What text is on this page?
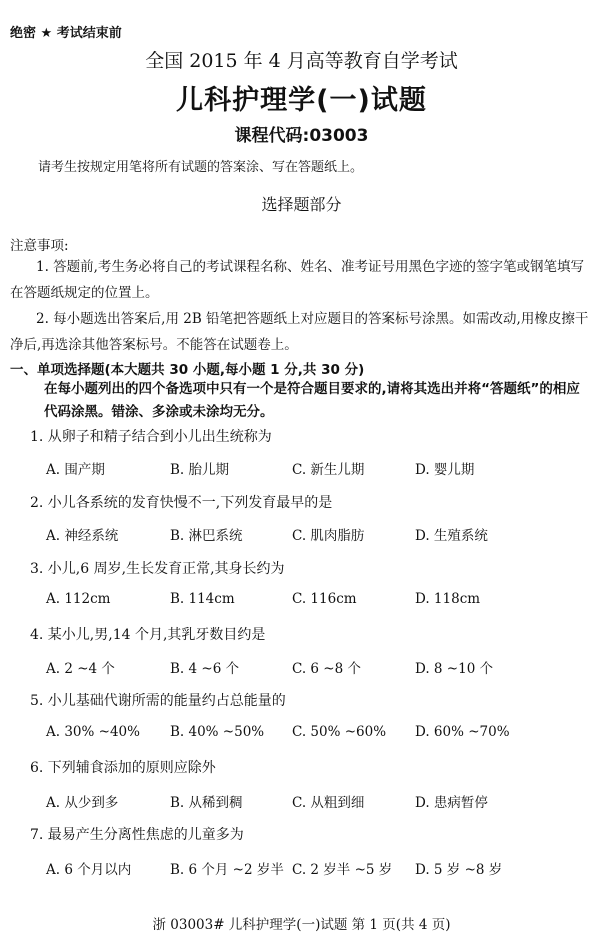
绝密 ★ 考试结束前
全国 2015 年 4 月高等教育自学考试
儿科护理学(一)试题
课程代码:03003
请考生按规定用笔将所有试题的答案涂、写在答题纸上。
选择题部分
注意事项:
1. 答题前,考生务必将自己的考试课程名称、姓名、准考证号用黑色字迹的签字笔或钢笔填写在答题纸规定的位置上。
2. 每小题选出答案后,用 2B 铅笔把答题纸上对应题目的答案标号涂黑。如需改动,用橡皮擦干净后,再选涂其他答案标号。不能答在试题卷上。
一、单项选择题(本大题共 30 小题,每小题 1 分,共 30 分)
在每小题列出的四个备选项中只有一个是符合题目要求的,请将其选出并将“答题纸”的相应代码涂黑。错涂、多涂或未涂均无分。
1. 从卵子和精子结合到小儿出生统称为
A. 围产期	B. 胎儿期	C. 新生儿期	D. 婴儿期
2. 小儿各系统的发育快慢不一,下列发育最早的是
A. 神经系统	B. 淋巴系统	C. 肌肉脂肪	D. 生殖系统
3. 小儿,6 周岁,生长发育正常,其身长约为
A. 112cm	B. 114cm	C. 116cm	D. 118cm
4. 某小儿,男,14 个月,其乳牙数目约是
A. 2 ~4 个	B. 4 ~6 个	C. 6 ~8 个	D. 8 ~10 个
5. 小儿基础代谢所需的能量约占总能量的
A. 30% ~40% B. 40% ~50% C. 50% ~60% D. 60% ~70%
6. 下列辅食添加的原则应除外
A. 从少到多	B. 从稀到稠	C. 从粗到细	D. 患病暂停
7. 最易产生分离性焦虑的儿童多为
A. 6 个月以内	B. 6 个月 ~2 岁半 C. 2 岁半 ~5 岁 D. 5 岁 ~8 岁
浙 03003# 儿科护理学(一)试题 第 1 页(共 4 页)
